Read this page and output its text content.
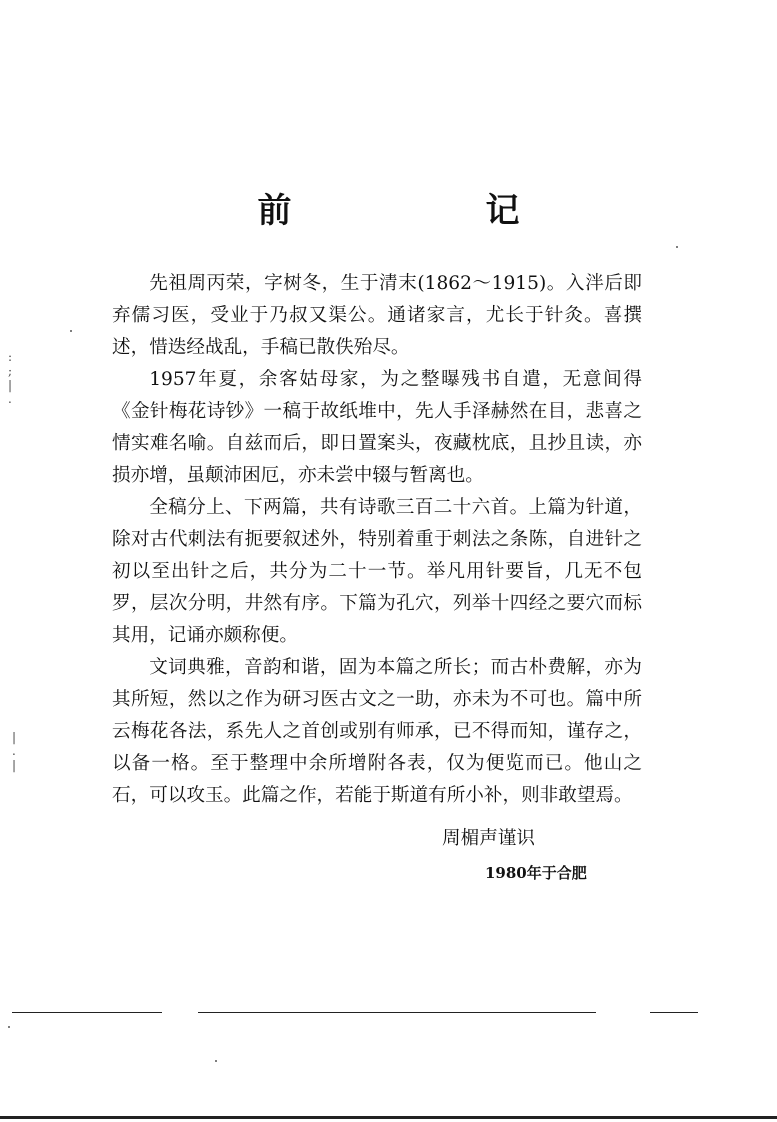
前　记

先祖周丙荣，字树冬，生于清末(1862～1915)。入泮后即弃儒习医，受业于乃叔又渠公。通诸家言，尤长于针灸。喜撰述，惜迭经战乱，手稿已散佚殆尽。

1957年夏，余客姑母家，为之整曝残书自遣，无意间得《金针梅花诗钞》一稿于故纸堆中，先人手泽赫然在目，悲喜之情实难名喻。自兹而后，即日置案头，夜藏枕底，且抄且读，亦损亦增，虽颠沛困厄，亦未尝中辍与暂离也。

全稿分上、下两篇，共有诗歌三百二十六首。上篇为针道，除对古代刺法有扼要叙述外，特别着重于刺法之条陈，自进针之初以至出针之后，共分为二十一节。举凡用针要旨，几无不包罗，层次分明，井然有序。下篇为孔穴，列举十四经之要穴而标其用，记诵亦颇称便。

文词典雅，音韵和谐，固为本篇之所长；而古朴费解，亦为其所短，然以之作为研习医古文之一助，亦未为不可也。篇中所云梅花各法，系先人之首创或别有师承，已不得而知，谨存之，以备一格。至于整理中余所增附各表，仅为便览而已。他山之石，可以攻玉。此篇之作，若能于斯道有所小补，则非敢望焉。

周楣声谨识
1980年于合肥
:
;
|
.
|
.
|
